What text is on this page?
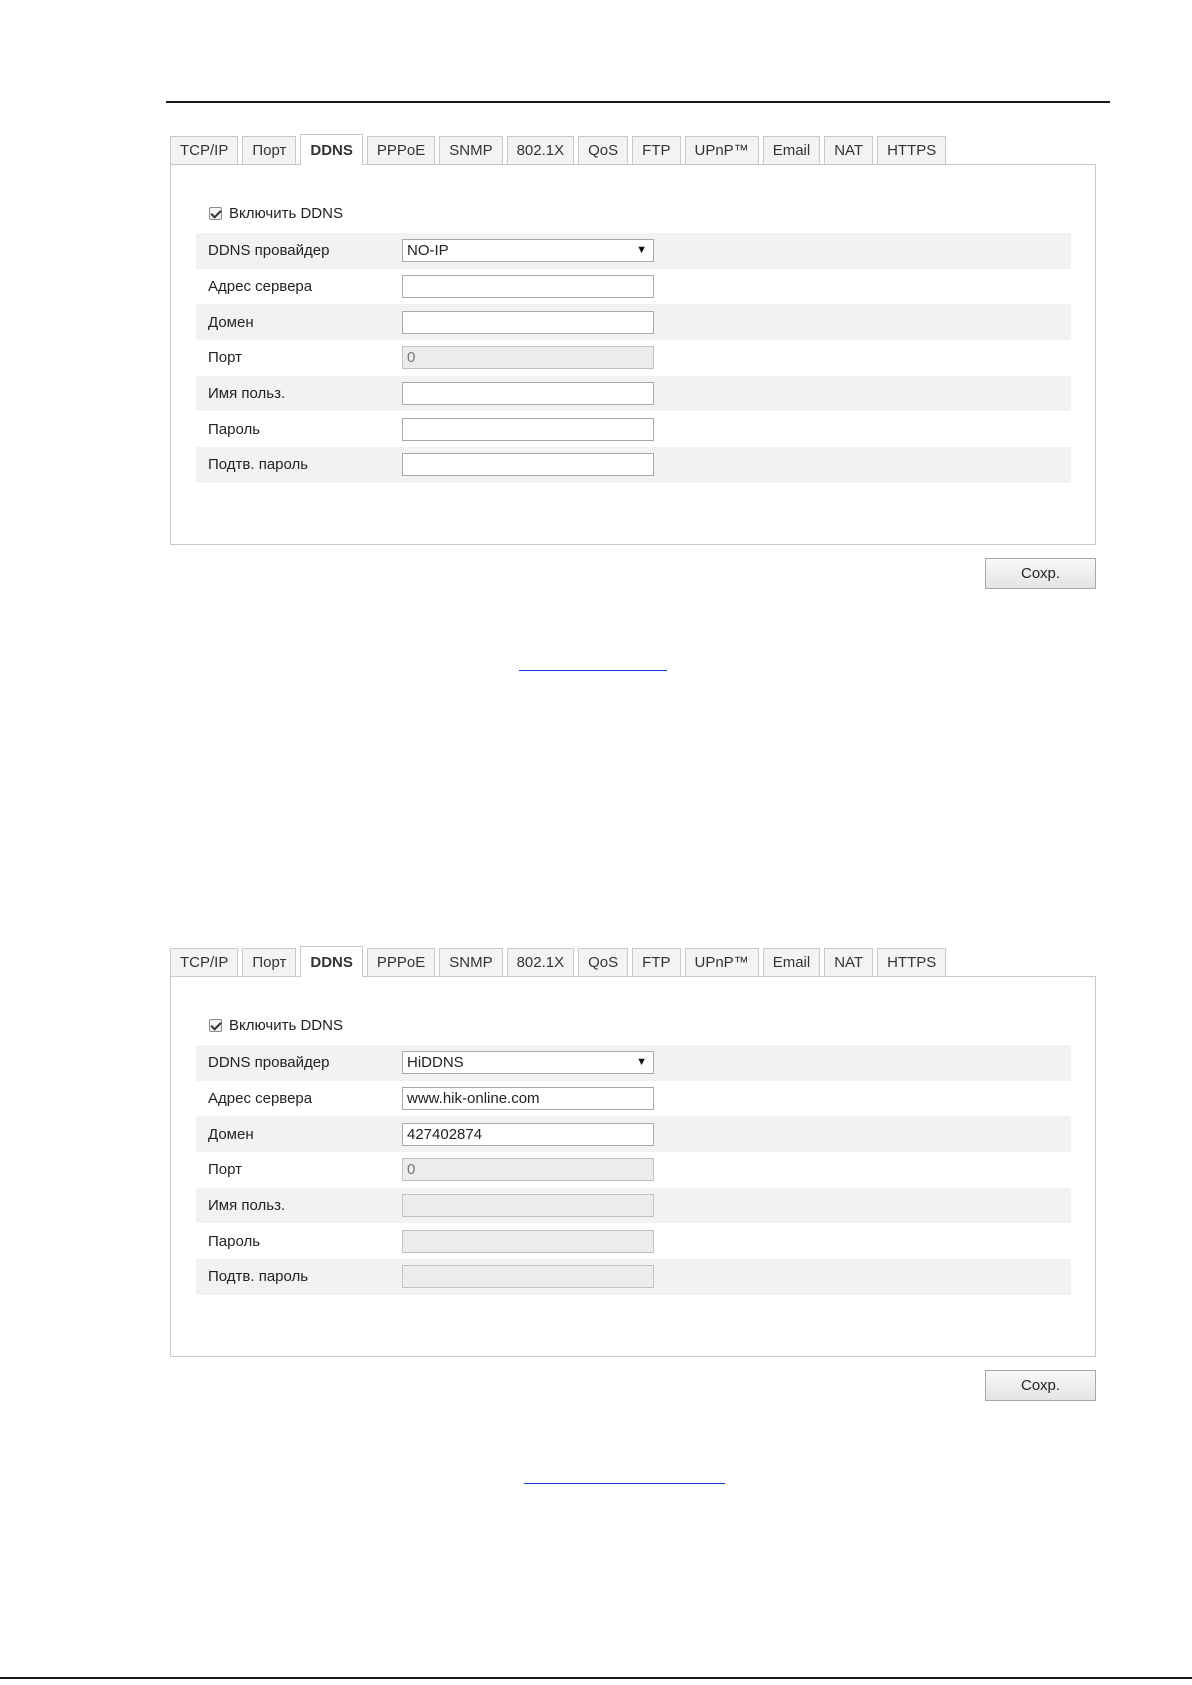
TCP/IP	Порт	DDNS	PPPoE	SNMP	802.1X	QoS	FTP	UPnP™	Email	NAT	HTTPS
Включить DDNS
DDNS провайдер	NO-IP	▼
Адрес сервера
Домен
Порт	0
Имя польз.
Пароль
Подтв. пароль
Сохр.
TCP/IP	Порт	DDNS	PPPoE	SNMP	802.1X	QoS	FTP	UPnP™	Email	NAT	HTTPS
Включить DDNS
DDNS провайдер	HiDDNS	▼
Адрес сервера	www.hik-online.com
Домен	427402874
Порт	0
Имя польз.
Пароль
Подтв. пароль
Сохр.
